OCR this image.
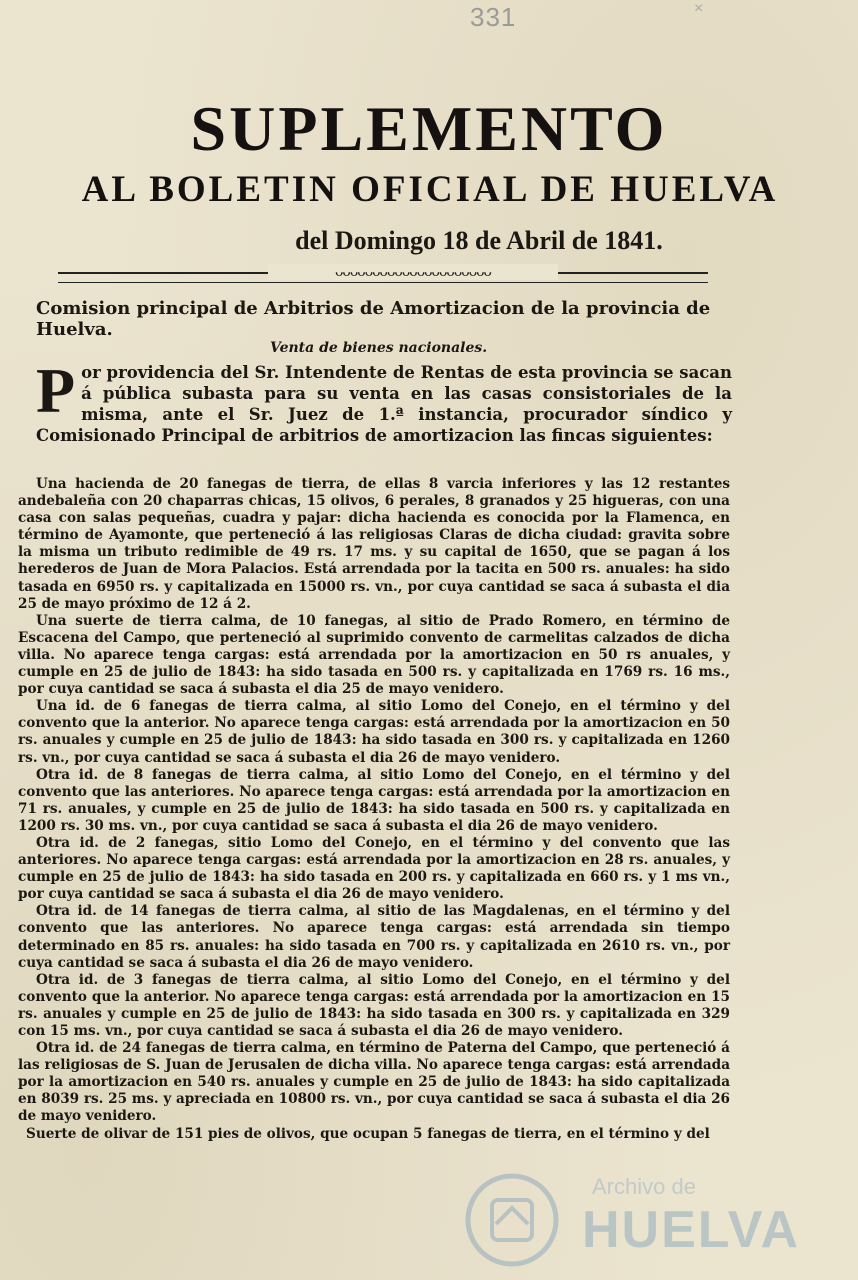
331	×
SUPLEMENTO
AL BOLETIN OFICIAL DE HUELVA
del Domingo 18 de Abril de 1841.
ᴗᴗᴗᴗᴗᴗᴗᴗᴗᴗᴗᴗᴗᴗᴗᴗᴗᴗᴗᴗᴗ
Comision principal de Arbitrios de Amortizacion de la provincia de Huelva.
Venta de bienes nacionales.
P or providencia del Sr. Intendente de Rentas de esta provincia se sacan á pública subasta para su venta en las casas consistoriales de la misma, ante el Sr. Juez de 1.ª instancia, procurador síndico y Comisionado Principal de arbitrios de amortizacion las fincas siguientes:

Una hacienda de 20 fanegas de tierra, de ellas 8 varcia inferiores y las 12 restantes andebaleña con 20 chaparras chicas, 15 olivos, 6 perales, 8 granados y 25 higueras, con una casa con salas pequeñas, cuadra y pajar: dicha hacienda es conocida por la Flamenca, en término de Ayamonte, que perteneció á las religiosas Claras de dicha ciudad: gravita sobre la misma un tributo redimible de 49 rs. 17 ms. y su capital de 1650, que se pagan á los herederos de Juan de Mora Palacios. Está arrendada por la tacita en 500 rs. anuales: ha sido tasada en 6950 rs. y capitalizada en 15000 rs. vn., por cuya cantidad se saca á subasta el dia 25 de mayo próximo de 12 á 2.

Una suerte de tierra calma, de 10 fanegas, al sitio de Prado Romero, en término de Escacena del Campo, que perteneció al suprimido convento de carmelitas calzados de dicha villa. No aparece tenga cargas: está arrendada por la amortizacion en 50 rs anuales, y cumple en 25 de julio de 1843: ha sido tasada en 500 rs. y capitalizada en 1769 rs. 16 ms., por cuya cantidad se saca á subasta el dia 25 de mayo venidero.

Una id. de 6 fanegas de tierra calma, al sitio Lomo del Conejo, en el término y del convento que la anterior. No aparece tenga cargas: está arrendada por la amortizacion en 50 rs. anuales y cumple en 25 de julio de 1843: ha sido tasada en 300 rs. y capitalizada en 1260 rs. vn., por cuya cantidad se saca á subasta el dia 26 de mayo venidero.

Otra id. de 8 fanegas de tierra calma, al sitio Lomo del Conejo, en el término y del convento que las anteriores. No aparece tenga cargas: está arrendada por la amortizacion en 71 rs. anuales, y cumple en 25 de julio de 1843: ha sido tasada en 500 rs. y capitalizada en 1200 rs. 30 ms. vn., por cuya cantidad se saca á subasta el dia 26 de mayo venidero.

Otra id. de 2 fanegas, sitio Lomo del Conejo, en el término y del convento que las anteriores. No aparece tenga cargas: está arrendada por la amortizacion en 28 rs. anuales, y cumple en 25 de julio de 1843: ha sido tasada en 200 rs. y capitalizada en 660 rs. y 1 ms vn., por cuya cantidad se saca á subasta el dia 26 de mayo venidero.

Otra id. de 14 fanegas de tierra calma, al sitio de las Magdalenas, en el término y del convento que las anteriores. No aparece tenga cargas: está arrendada sin tiempo determinado en 85 rs. anuales: ha sido tasada en 700 rs. y capitalizada en 2610 rs. vn., por cuya cantidad se saca á subasta el dia 26 de mayo venidero.

Otra id. de 3 fanegas de tierra calma, al sitio Lomo del Conejo, en el término y del convento que la anterior. No aparece tenga cargas: está arrendada por la amortizacion en 15 rs. anuales y cumple en 25 de julio de 1843: ha sido tasada en 300 rs. y capitalizada en 329 con 15 ms. vn., por cuya cantidad se saca á subasta el dia 26 de mayo venidero.

Otra id. de 24 fanegas de tierra calma, en término de Paterna del Campo, que perteneció á las religiosas de S. Juan de Jerusalen de dicha villa. No aparece tenga cargas: está arrendada por la amortizacion en 540 rs. anuales y cumple en 25 de julio de 1843: ha sido capitalizada en 8039 rs. 25 ms. y apreciada en 10800 rs. vn., por cuya cantidad se saca á subasta el dia 26 de mayo venidero.

Suerte de olivar de 151 pies de olivos, que ocupan 5 fanegas de tierra, en el término y del

Archivo de
HUELVA
